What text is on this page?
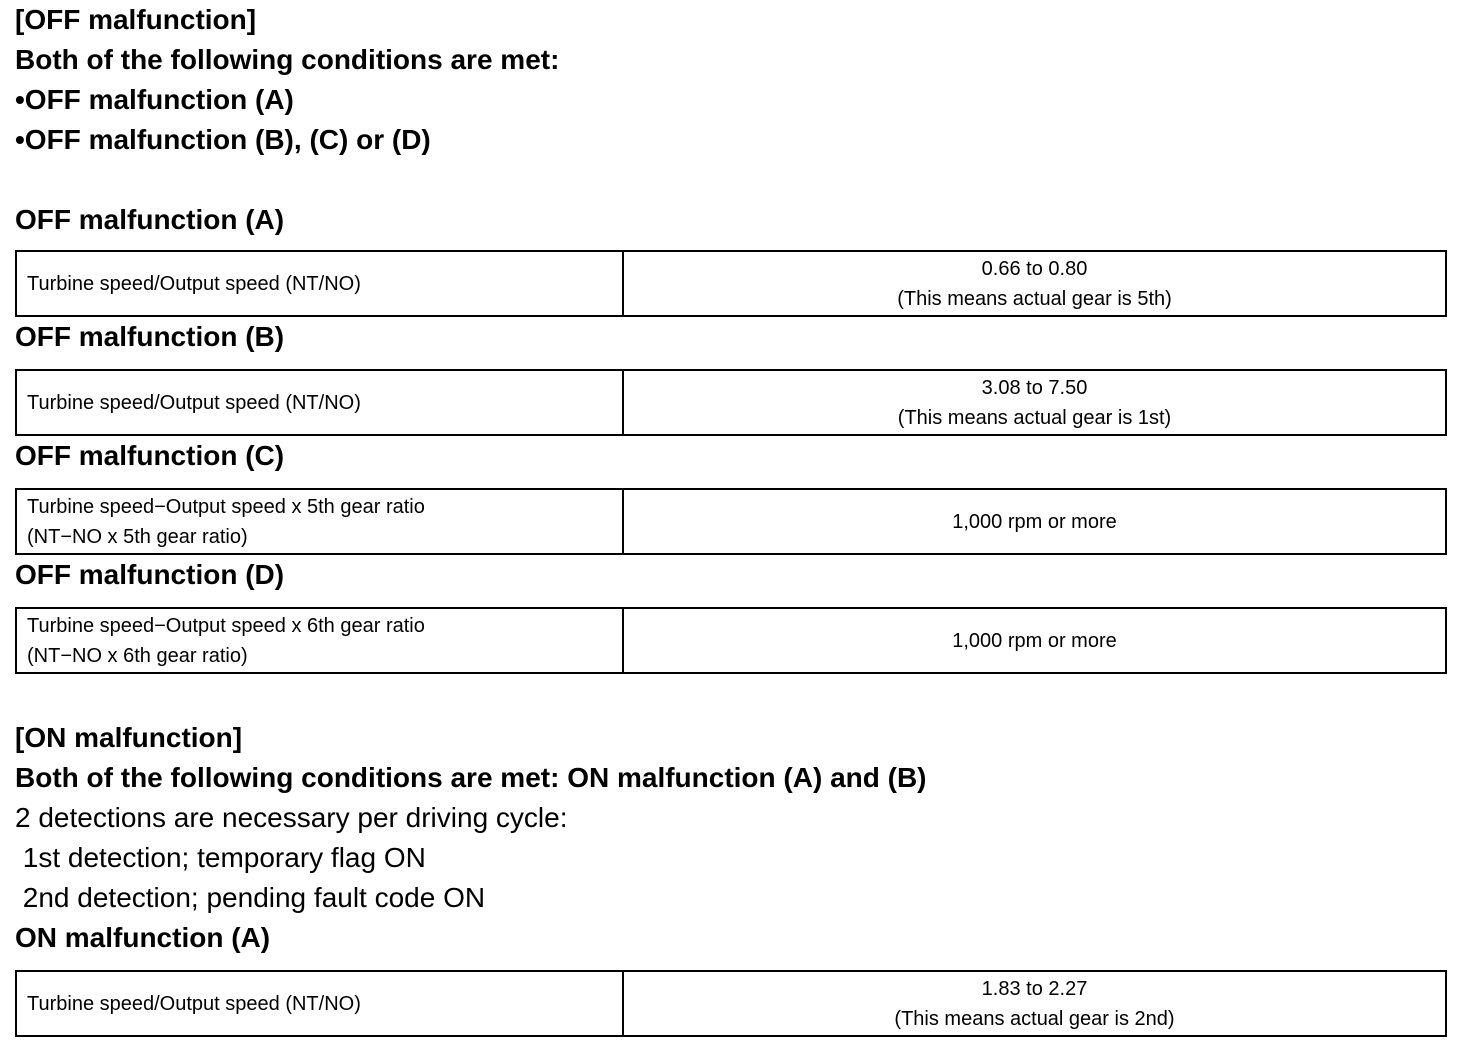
[OFF malfunction]
Both of the following conditions are met:
•OFF malfunction (A)
•OFF malfunction (B), (C) or (D)
OFF malfunction (A)
Turbine speed/Output speed (NT/NO)

0.66 to 0.80
(This means actual gear is 5th)
OFF malfunction (B)
Turbine speed/Output speed (NT/NO)

3.08 to 7.50
(This means actual gear is 1st)
OFF malfunction (C)
Turbine speed−Output speed x 5th gear ratio
(NT−NO x 5th gear ratio)

1,000 rpm or more
OFF malfunction (D)
Turbine speed−Output speed x 6th gear ratio
(NT−NO x 6th gear ratio)

1,000 rpm or more
[ON malfunction]
Both of the following conditions are met: ON malfunction (A) and (B)
2 detections are necessary per driving cycle:
1st detection; temporary flag ON
2nd detection; pending fault code ON
ON malfunction (A)
Turbine speed/Output speed (NT/NO)

1.83 to 2.27
(This means actual gear is 2nd)
